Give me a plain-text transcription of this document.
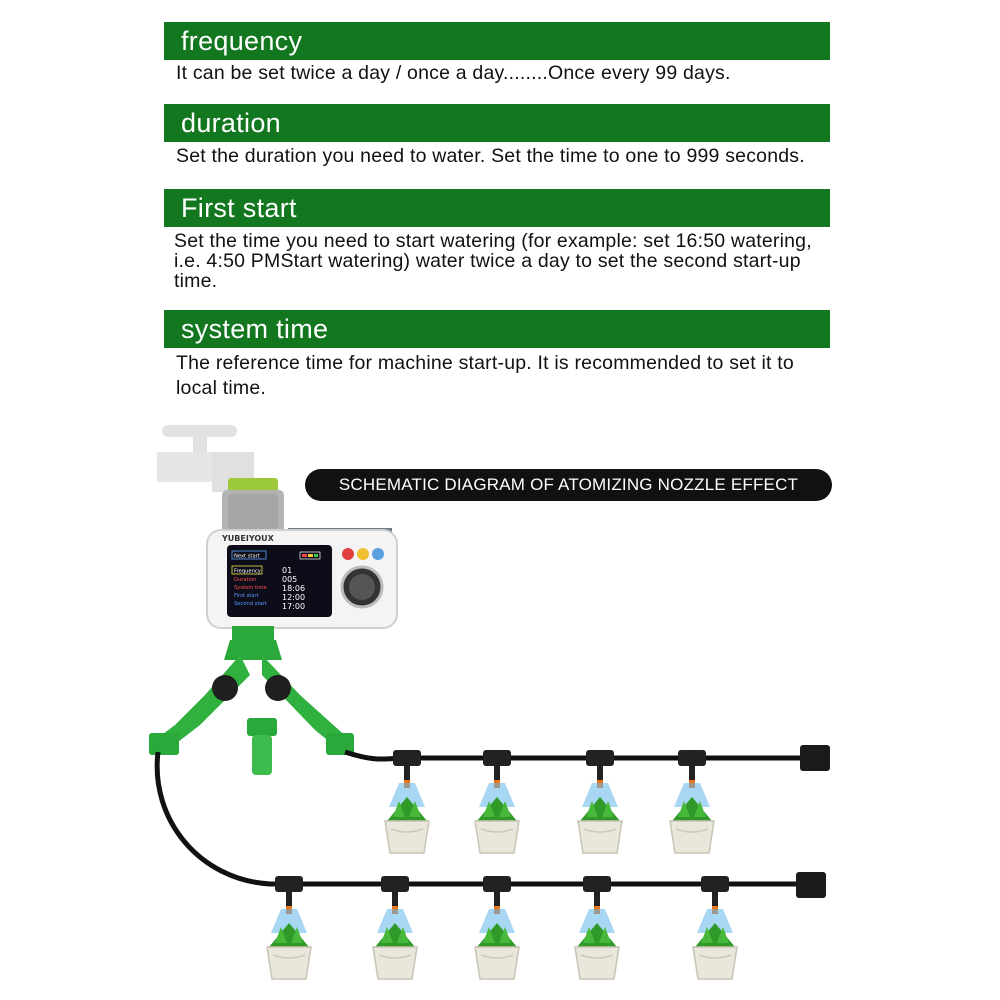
frequency
It can be set twice a day / once a day........Once every 99 days.
duration
Set the duration you need to water. Set the time to one to 999 seconds.
First start
Set the time you need to start watering (for example: set 16:50 watering, i.e. 4:50 PMStart watering) water twice a day to set the second start-up time.
system time
The reference time for machine start-up. It is recommended to set it to local time.
SCHEMATIC DIAGRAM OF ATOMIZING NOZZLE EFFECT
YUBEIYOUX
Next start
Frequency
Duration
System time
First start
Second start
01
005
18:06
12:00
17:00
